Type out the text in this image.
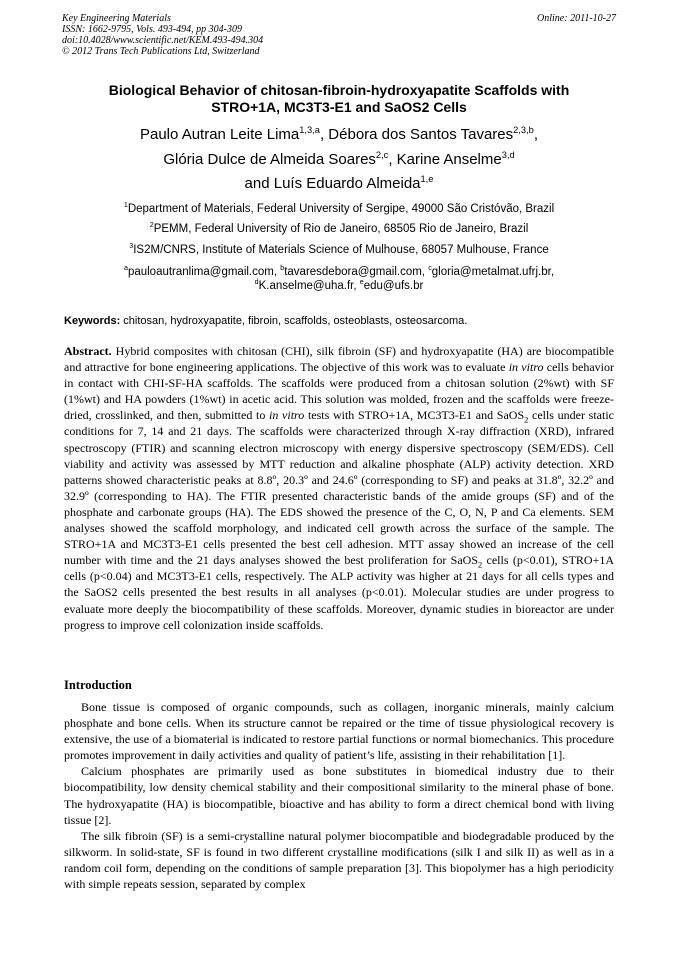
Key Engineering Materials
ISSN: 1662-9795, Vols. 493-494, pp 304-309
doi:10.4028/www.scientific.net/KEM.493-494.304
© 2012 Trans Tech Publications Ltd, Switzerland
Online: 2011-10-27
Biological Behavior of chitosan-fibroin-hydroxyapatite Scaffolds with
STRO+1A, MC3T3-E1 and SaOS2 Cells
Paulo Autran Leite Lima$^{1,3,a}$, Débora dos Santos Tavares$^{2,3,b}$,
Glória Dulce de Almeida Soares$^{2,c}$, Karine Anselme$^{3,d}$
and Luís Eduardo Almeida$^{1,e}$
$^1$Department of Materials, Federal University of Sergipe, 49000 São Cristóvão, Brazil
$^2$PEMM, Federal University of Rio de Janeiro, 68505 Rio de Janeiro, Brazil
$^3$IS2M/CNRS, Institute of Materials Science of Mulhouse, 68057 Mulhouse, France
$^a$pauloautranlima@gmail.com, $^b$tavaresdebora@gmail.com, $^c$gloria@metalmat.ufrj.br,
$^d$K.anselme@uha.fr, $^e$edu@ufs.br
Keywords: chitosan, hydroxyapatite, fibroin, scaffolds, osteoblasts, osteosarcoma.

Abstract. Hybrid composites with chitosan (CHI), silk fibroin (SF) and hydroxyapatite (HA) are biocompatible and attractive for bone engineering applications. The objective of this work was to evaluate in vitro cells behavior in contact with CHI-SF-HA scaffolds. The scaffolds were produced from a chitosan solution (2%wt) with SF (1%wt) and HA powders (1%wt) in acetic acid. This solution was molded, frozen and the scaffolds were freeze-dried, crosslinked, and then, submitted to in vitro tests with STRO+1A, MC3T3-E1 and SaOS$_2$ cells under static conditions for 7, 14 and 21 days. The scaffolds were characterized through X-ray diffraction (XRD), infrared spectroscopy (FTIR) and scanning electron microscopy with energy dispersive spectroscopy (SEM/EDS). Cell viability and activity was assessed by MTT reduction and alkaline phosphate (ALP) activity detection. XRD patterns showed characteristic peaks at 8.8º, 20.3º and 24.6º (corresponding to SF) and peaks at 31.8º, 32.2º and 32.9º (corresponding to HA). The FTIR presented characteristic bands of the amide groups (SF) and of the phosphate and carbonate groups (HA). The EDS showed the presence of the C, O, N, P and Ca elements. SEM analyses showed the scaffold morphology, and indicated cell growth across the surface of the sample. The STRO+1A and MC3T3-E1 cells presented the best cell adhesion. MTT assay showed an increase of the cell number with time and the 21 days analyses showed the best proliferation for SaOS$_2$ cells (p<0.01), STRO+1A cells (p<0.04) and MC3T3-E1 cells, respectively. The ALP activity was higher at 21 days for all cells types and the SaOS2 cells presented the best results in all analyses (p<0.01). Molecular studies are under progress to evaluate more deeply the biocompatibility of these scaffolds. Moreover, dynamic studies in bioreactor are under progress to improve cell colonization inside scaffolds.

Introduction

Bone tissue is composed of organic compounds, such as collagen, inorganic minerals, mainly calcium phosphate and bone cells. When its structure cannot be repaired or the time of tissue physiological recovery is extensive, the use of a biomaterial is indicated to restore partial functions or normal biomechanics. This procedure promotes improvement in daily activities and quality of patient’s life, assisting in their rehabilitation [1].

Calcium phosphates are primarily used as bone substitutes in biomedical industry due to their biocompatibility, low density chemical stability and their compositional similarity to the mineral phase of bone. The hydroxyapatite (HA) is biocompatible, bioactive and has ability to form a direct chemical bond with living tissue [2].

The silk fibroin (SF) is a semi-crystalline natural polymer biocompatible and biodegradable produced by the silkworm. In solid-state, SF is found in two different crystalline modifications (silk I and silk II) as well as in a random coil form, depending on the conditions of sample preparation [3]. This biopolymer has a high periodicity with simple repeats session, separated by complex
